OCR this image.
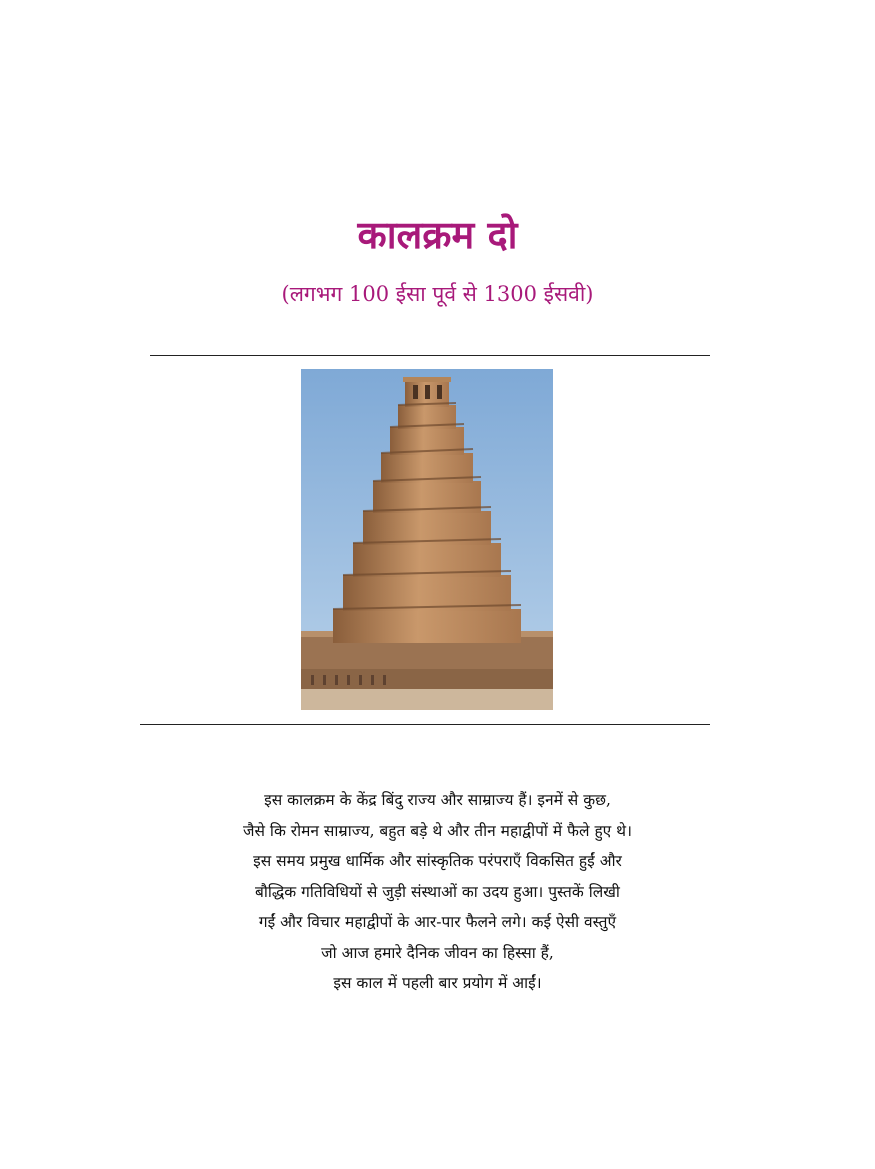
कालक्रम दो

(लगभग 100 ईसा पूर्व से 1300 ईसवी)

इस कालक्रम के केंद्र बिंदु राज्य और साम्राज्य हैं। इनमें से कुछ,
जैसे कि रोमन साम्राज्य, बहुत बड़े थे और तीन महाद्वीपों में फैले हुए थे।
इस समय प्रमुख धार्मिक और सांस्कृतिक परंपराएँ विकसित हुईं और
बौद्धिक गतिविधियों से जुड़ी संस्थाओं का उदय हुआ। पुस्तकें लिखी
गईं और विचार महाद्वीपों के आर-पार फैलने लगे। कई ऐसी वस्तुएँ
जो आज हमारे दैनिक जीवन का हिस्सा हैं,
इस काल में पहली बार प्रयोग में आईं।
